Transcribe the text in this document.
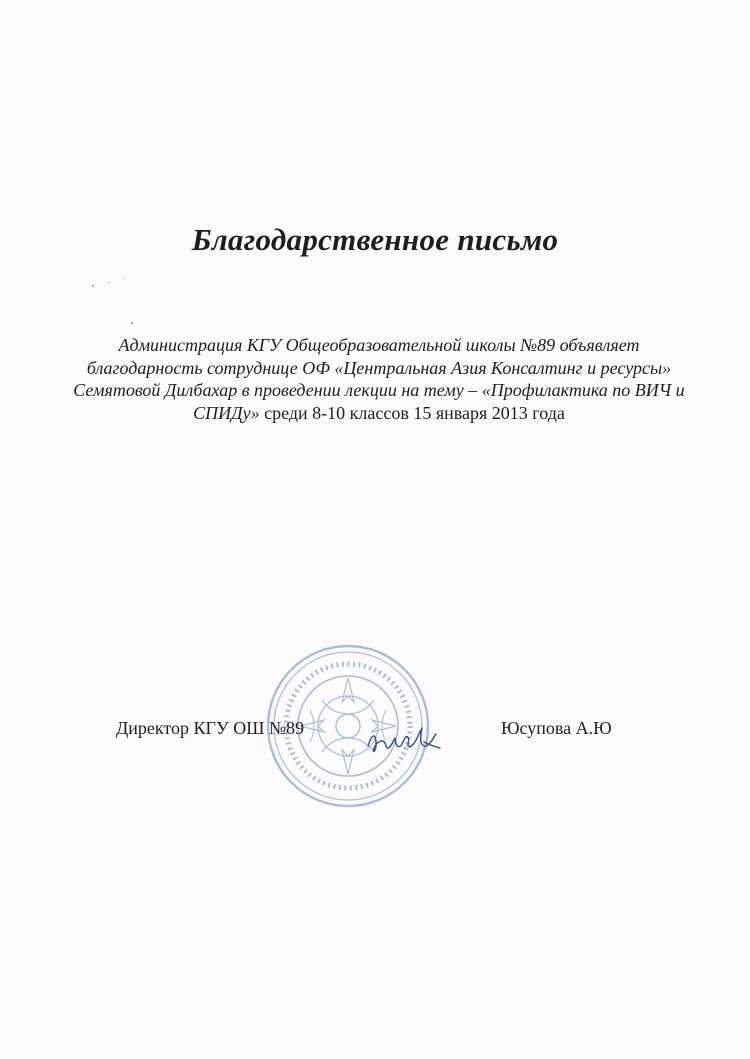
Благодарственное письмо
Администрация КГУ Общеобразовательной школы №89 объявляет благодарность сотруднице ОФ «Центральная Азия Консалтинг и ресурсы» Семятовой Дилбахар в проведении лекции на тему – «Профилактика по ВИЧ и СПИДу» среди 8-10 классов 15 января 2013 года
Директор КГУ ОШ №89	Юсупова А.Ю
